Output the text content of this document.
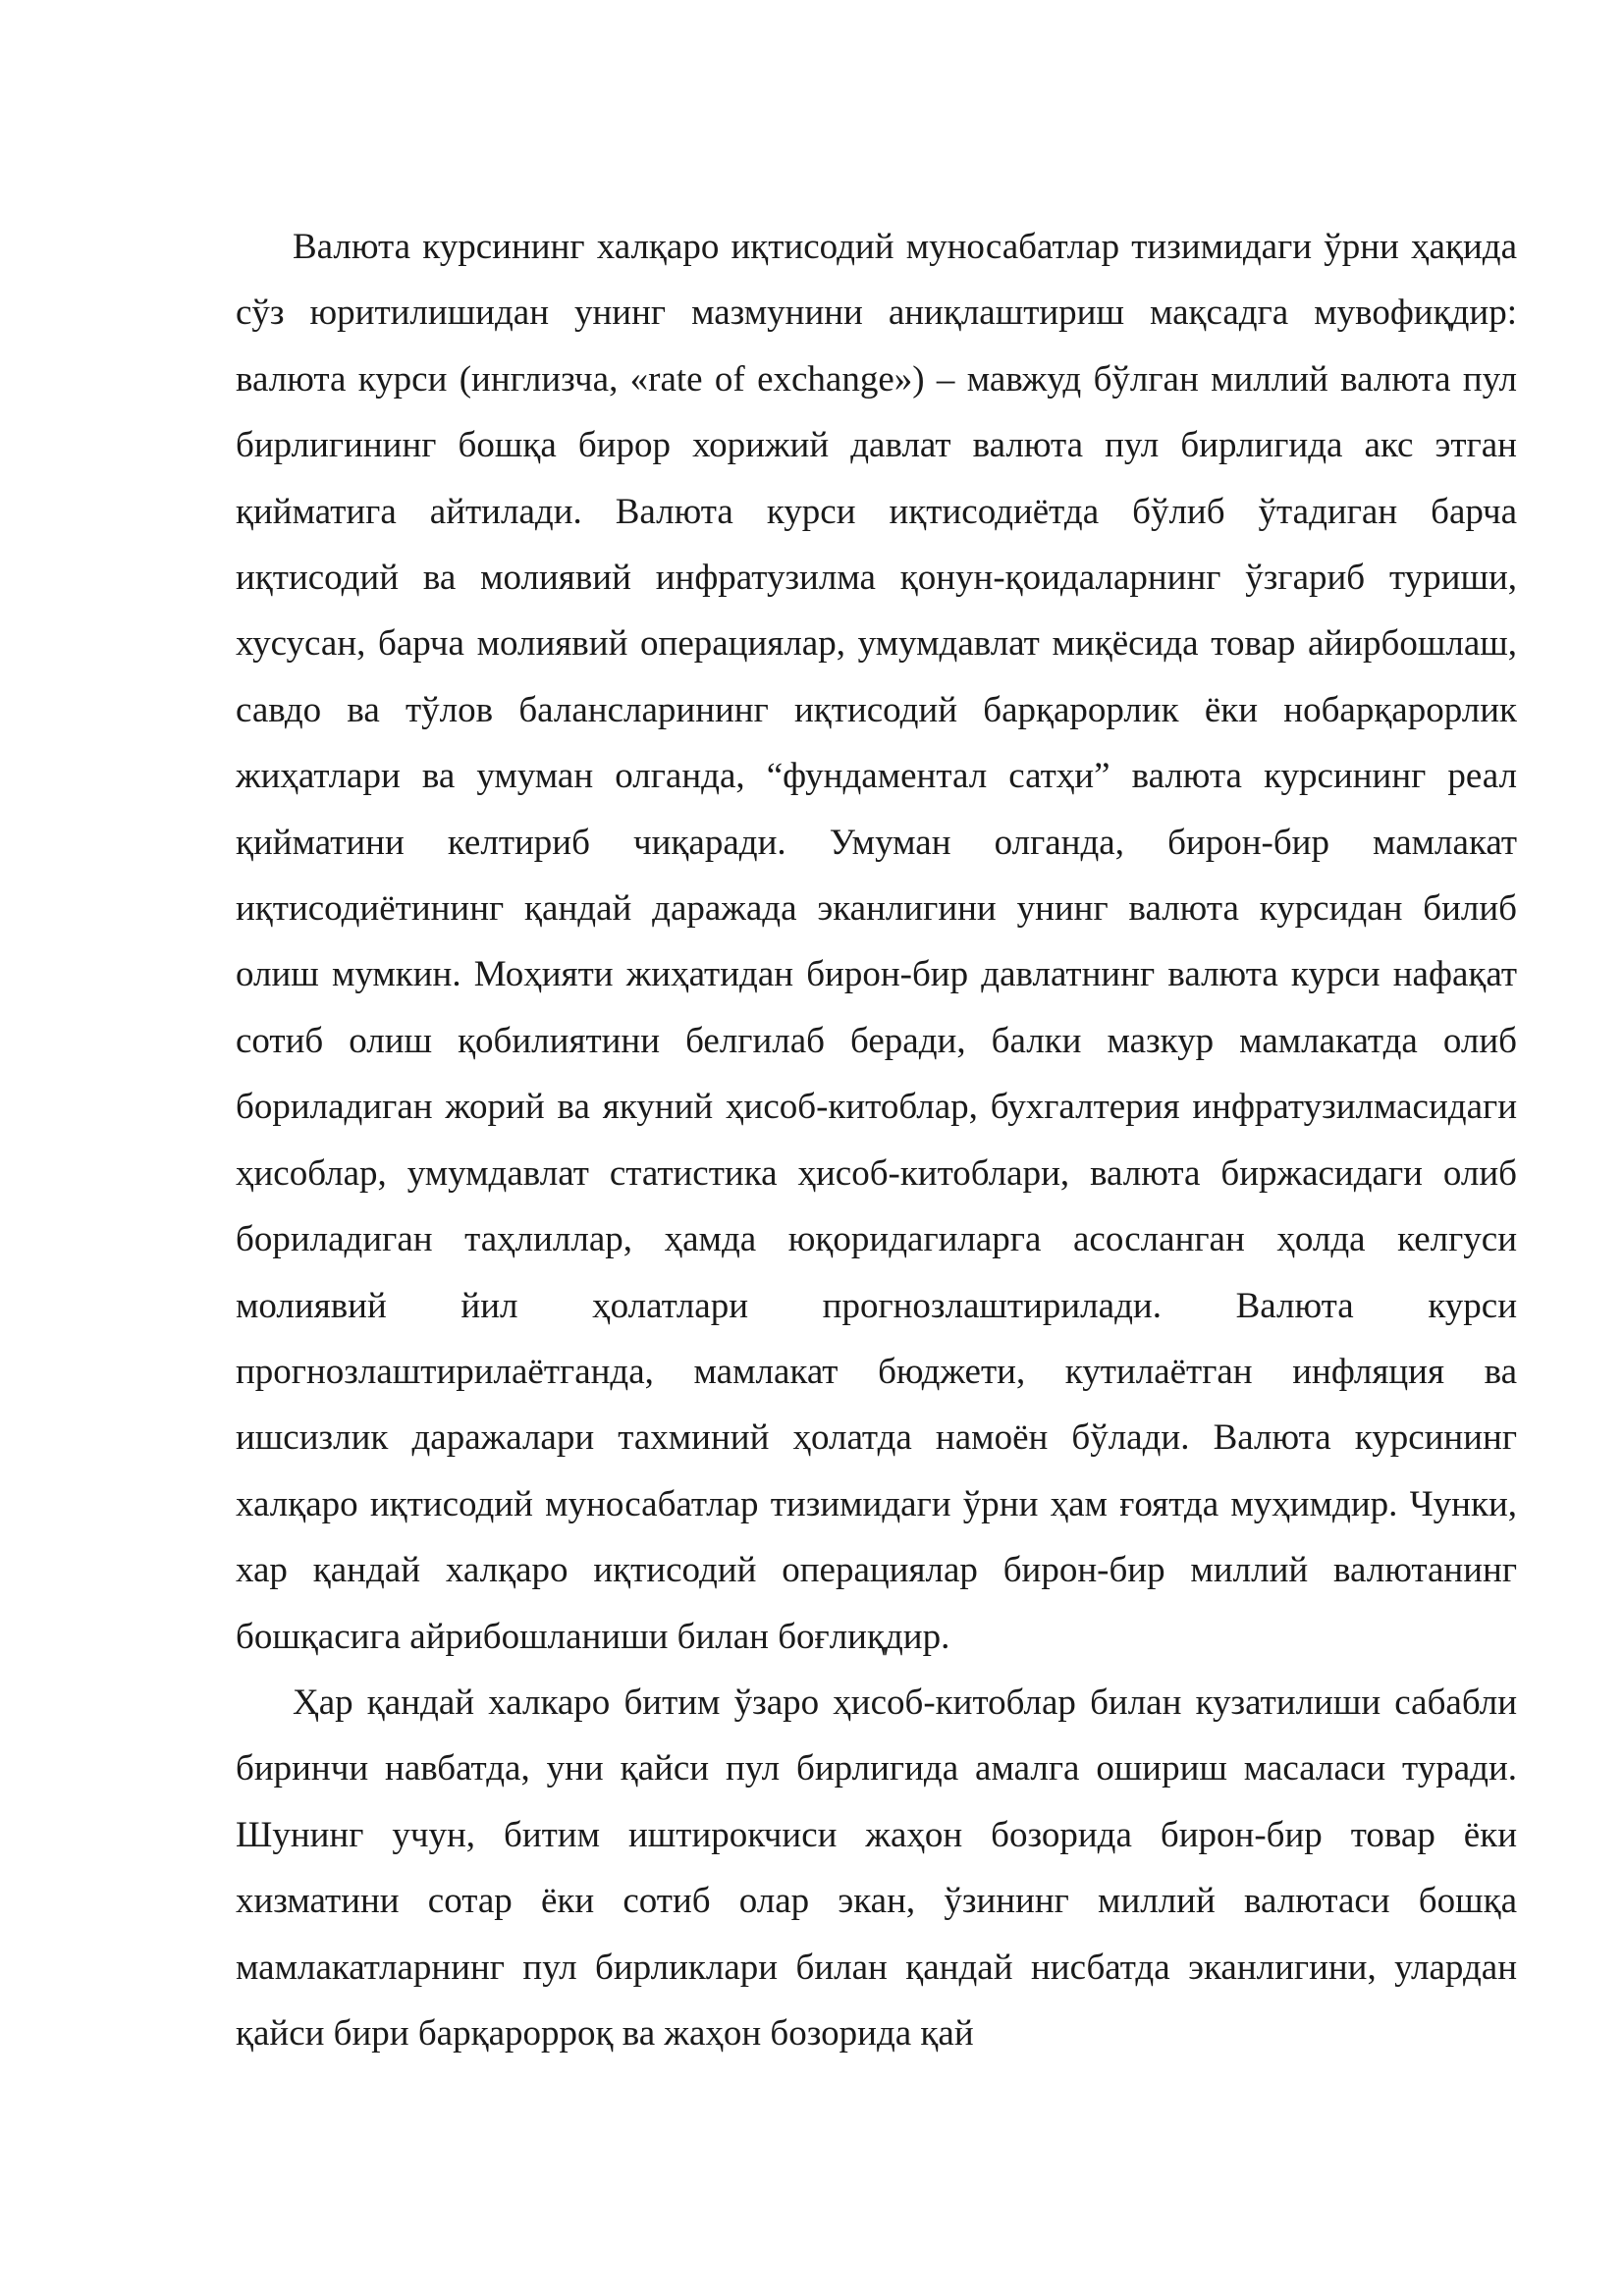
Валюта курсининг халқаро иқтисодий муносабатлар тизимидаги ўрни ҳақида сўз юритилишидан унинг мазмунини аниқлаштириш мақсадга мувофиқдир: валюта курси (инглизча, «rate of exchange») – мавжуд бўлган миллий валюта пул бирлигининг бошқа бирор хорижий давлат валюта пул бирлигида акс этган қийматига айтилади. Валюта курси иқтисодиётда бўлиб ўтадиган барча иқтисодий ва молиявий инфратузилма қонун-қоидаларнинг ўзгариб туриши, хусусан, барча молиявий операциялар, умумдавлат миқёсида товар айирбошлаш, савдо ва тўлов балансларининг иқтисодий барқарорлик ёки нобарқарорлик жиҳатлари ва умуман олганда, “фундаментал сатҳи” валюта курсининг реал қийматини келтириб чиқаради. Умуман олганда, бирон-бир мамлакат иқтисодиётининг қандай даражада эканлигини унинг валюта курсидан билиб олиш мумкин. Моҳияти жиҳатидан бирон-бир давлатнинг валюта курси нафақат сотиб олиш қобилиятини белгилаб беради, балки мазкур мамлакатда олиб бориладиган жорий ва якуний ҳисоб-китоблар, бухгалтерия инфратузилмасидаги ҳисоблар, умумдавлат статистика ҳисоб-китоблари, валюта биржасидаги олиб бориладиган таҳлиллар, ҳамда юқоридагиларга асосланган ҳолда келгуси молиявий йил ҳолатлари прогнозлаштирилади. Валюта курси прогнозлаштирилаётганда, мамлакат бюджети, кутилаётган инфляция ва ишсизлик даражалари тахминий ҳолатда намоён бўлади. Валюта курсининг халқаро иқтисодий муносабатлар тизимидаги ўрни ҳам ғоятда муҳимдир. Чунки, хар қандай халқаро иқтисодий операциялар бирон-бир миллий валютанинг бошқасига айрибошланиши билан боғлиқдир.

Ҳар қандай халкаро битим ўзаро ҳисоб-китоблар билан кузатилиши сабабли биринчи навбатда, уни қайси пул бирлигида амалга ошириш масаласи туради. Шунинг учун, битим иштирокчиси жаҳон бозорида бирон-бир товар ёки хизматини сотар ёки сотиб олар экан, ўзининг миллий валютаси бошқа мамлакатларнинг пул бирликлари билан қандай нисбатда эканлигини, улардан қайси бири барқарорроқ ва жаҳон бозорида қай
